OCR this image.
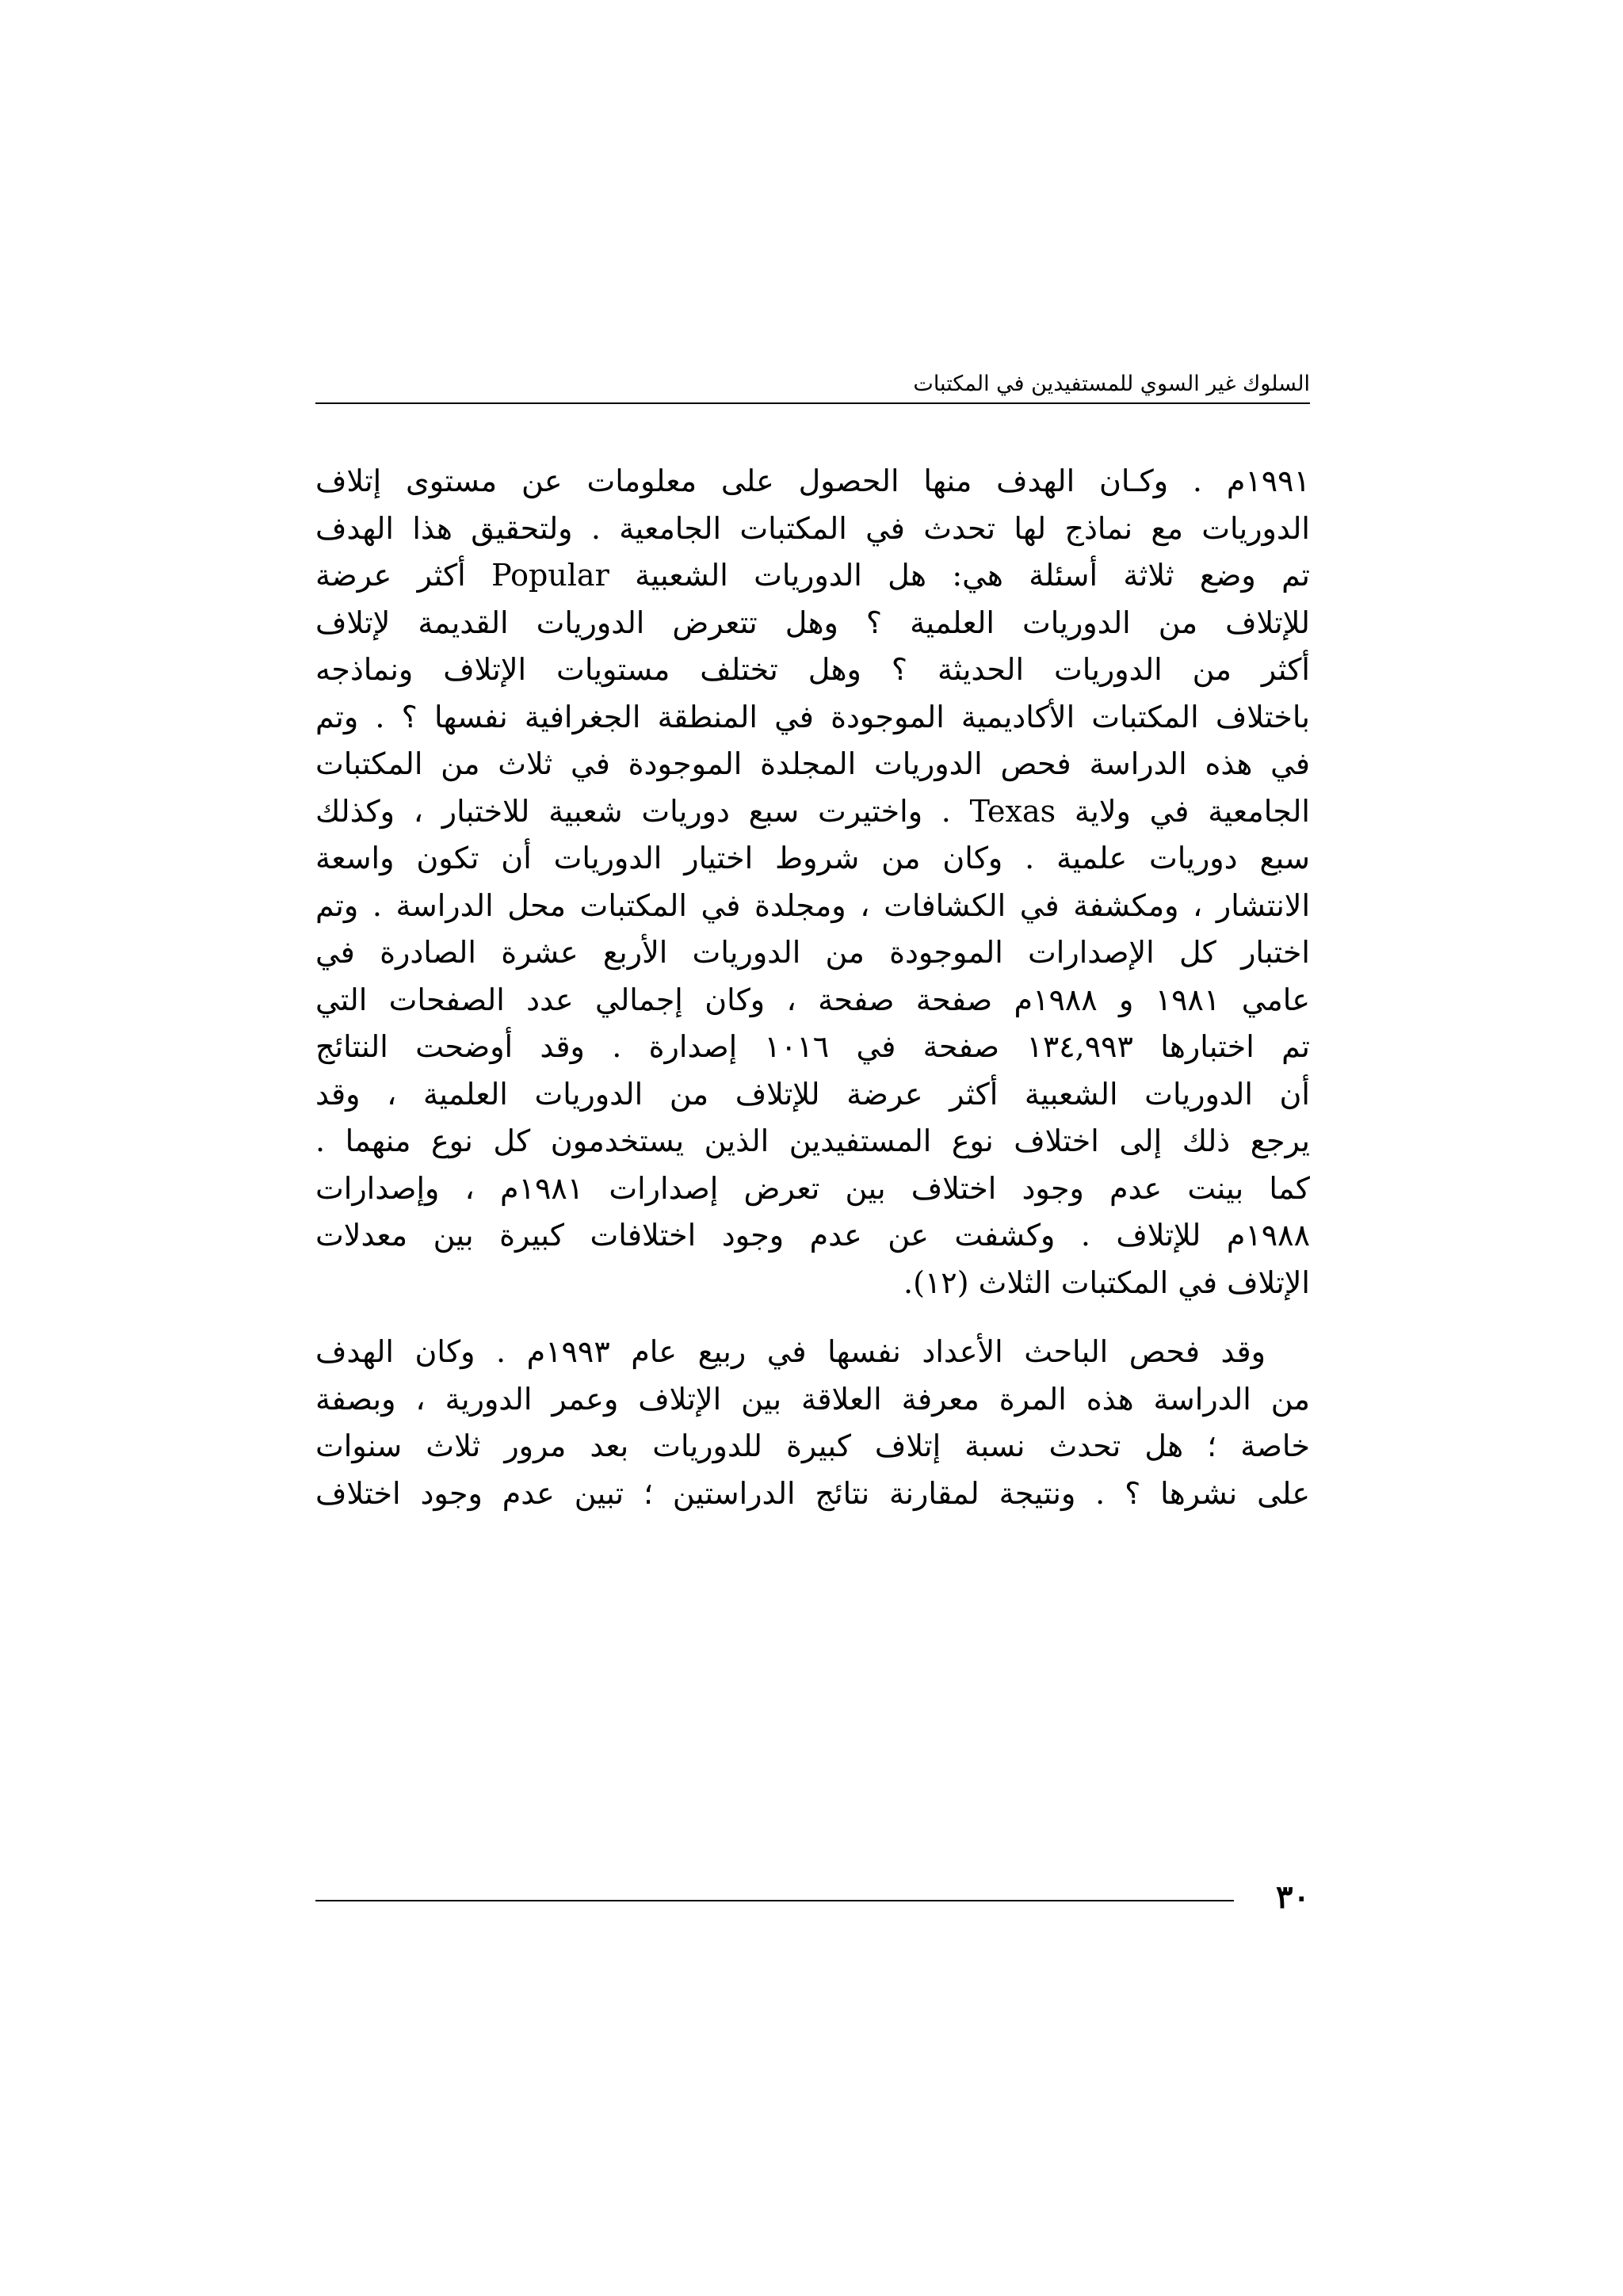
السلوك غير السوي للمستفيدين في المكتبات

١٩٩١م . وكـان الهدف منها الحصول على معلومات عن مستوى إتلاف
الدوريات مع نماذج لها تحدث في المكتبات الجامعية . ولتحقيق هذا الهدف
تم وضع ثلاثة أسئلة هي: هل الدوريات الشعبية Popular أكثر عرضة
للإتلاف من الدوريات العلمية ؟ وهل تتعرض الدوريات القديمة لإتلاف
أكثر من الدوريات الحديثة ؟ وهل تختلف مستويات الإتلاف ونماذجه
باختلاف المكتبات الأكاديمية الموجودة في المنطقة الجغرافية نفسها ؟ . وتم
في هذه الدراسة فحص الدوريات المجلدة الموجودة في ثلاث من المكتبات
الجامعية في ولاية Texas . واختيرت سبع دوريات شعبية للاختبار ، وكذلك
سبع دوريات علمية . وكان من شروط اختيار الدوريات أن تكون واسعة
الانتشار ، ومكشفة في الكشافات ، ومجلدة في المكتبات محل الدراسة . وتم
اختبار كل الإصدارات الموجودة من الدوريات الأربع عشرة الصادرة في
عامي ١٩٨١ و ١٩٨٨م صفحة صفحة ، وكان إجمالي عدد الصفحات التي
تم اختبارها ١٣٤,٩٩٣ صفحة في ١٠١٦ إصدارة . وقد أوضحت النتائج
أن الدوريات الشعبية أكثر عرضة للإتلاف من الدوريات العلمية ، وقد
يرجع ذلك إلى اختلاف نوع المستفيدين الذين يستخدمون كل نوع منهما .
كما بينت عدم وجود اختلاف بين تعرض إصدارات ١٩٨١م ، وإصدارات
١٩٨٨م للإتلاف . وكشفت عن عدم وجود اختلافات كبيرة بين معدلات
الإتلاف في المكتبات الثلاث (١٢).

وقد فحص الباحث الأعداد نفسها في ربيع عام ١٩٩٣م . وكان الهدف
من الدراسة هذه المرة معرفة العلاقة بين الإتلاف وعمر الدورية ، وبصفة
خاصة ؛ هل تحدث نسبة إتلاف كبيرة للدوريات بعد مرور ثلاث سنوات
على نشرها ؟ . ونتيجة لمقارنة نتائج الدراستين ؛ تبين عدم وجود اختلاف

٣٠
